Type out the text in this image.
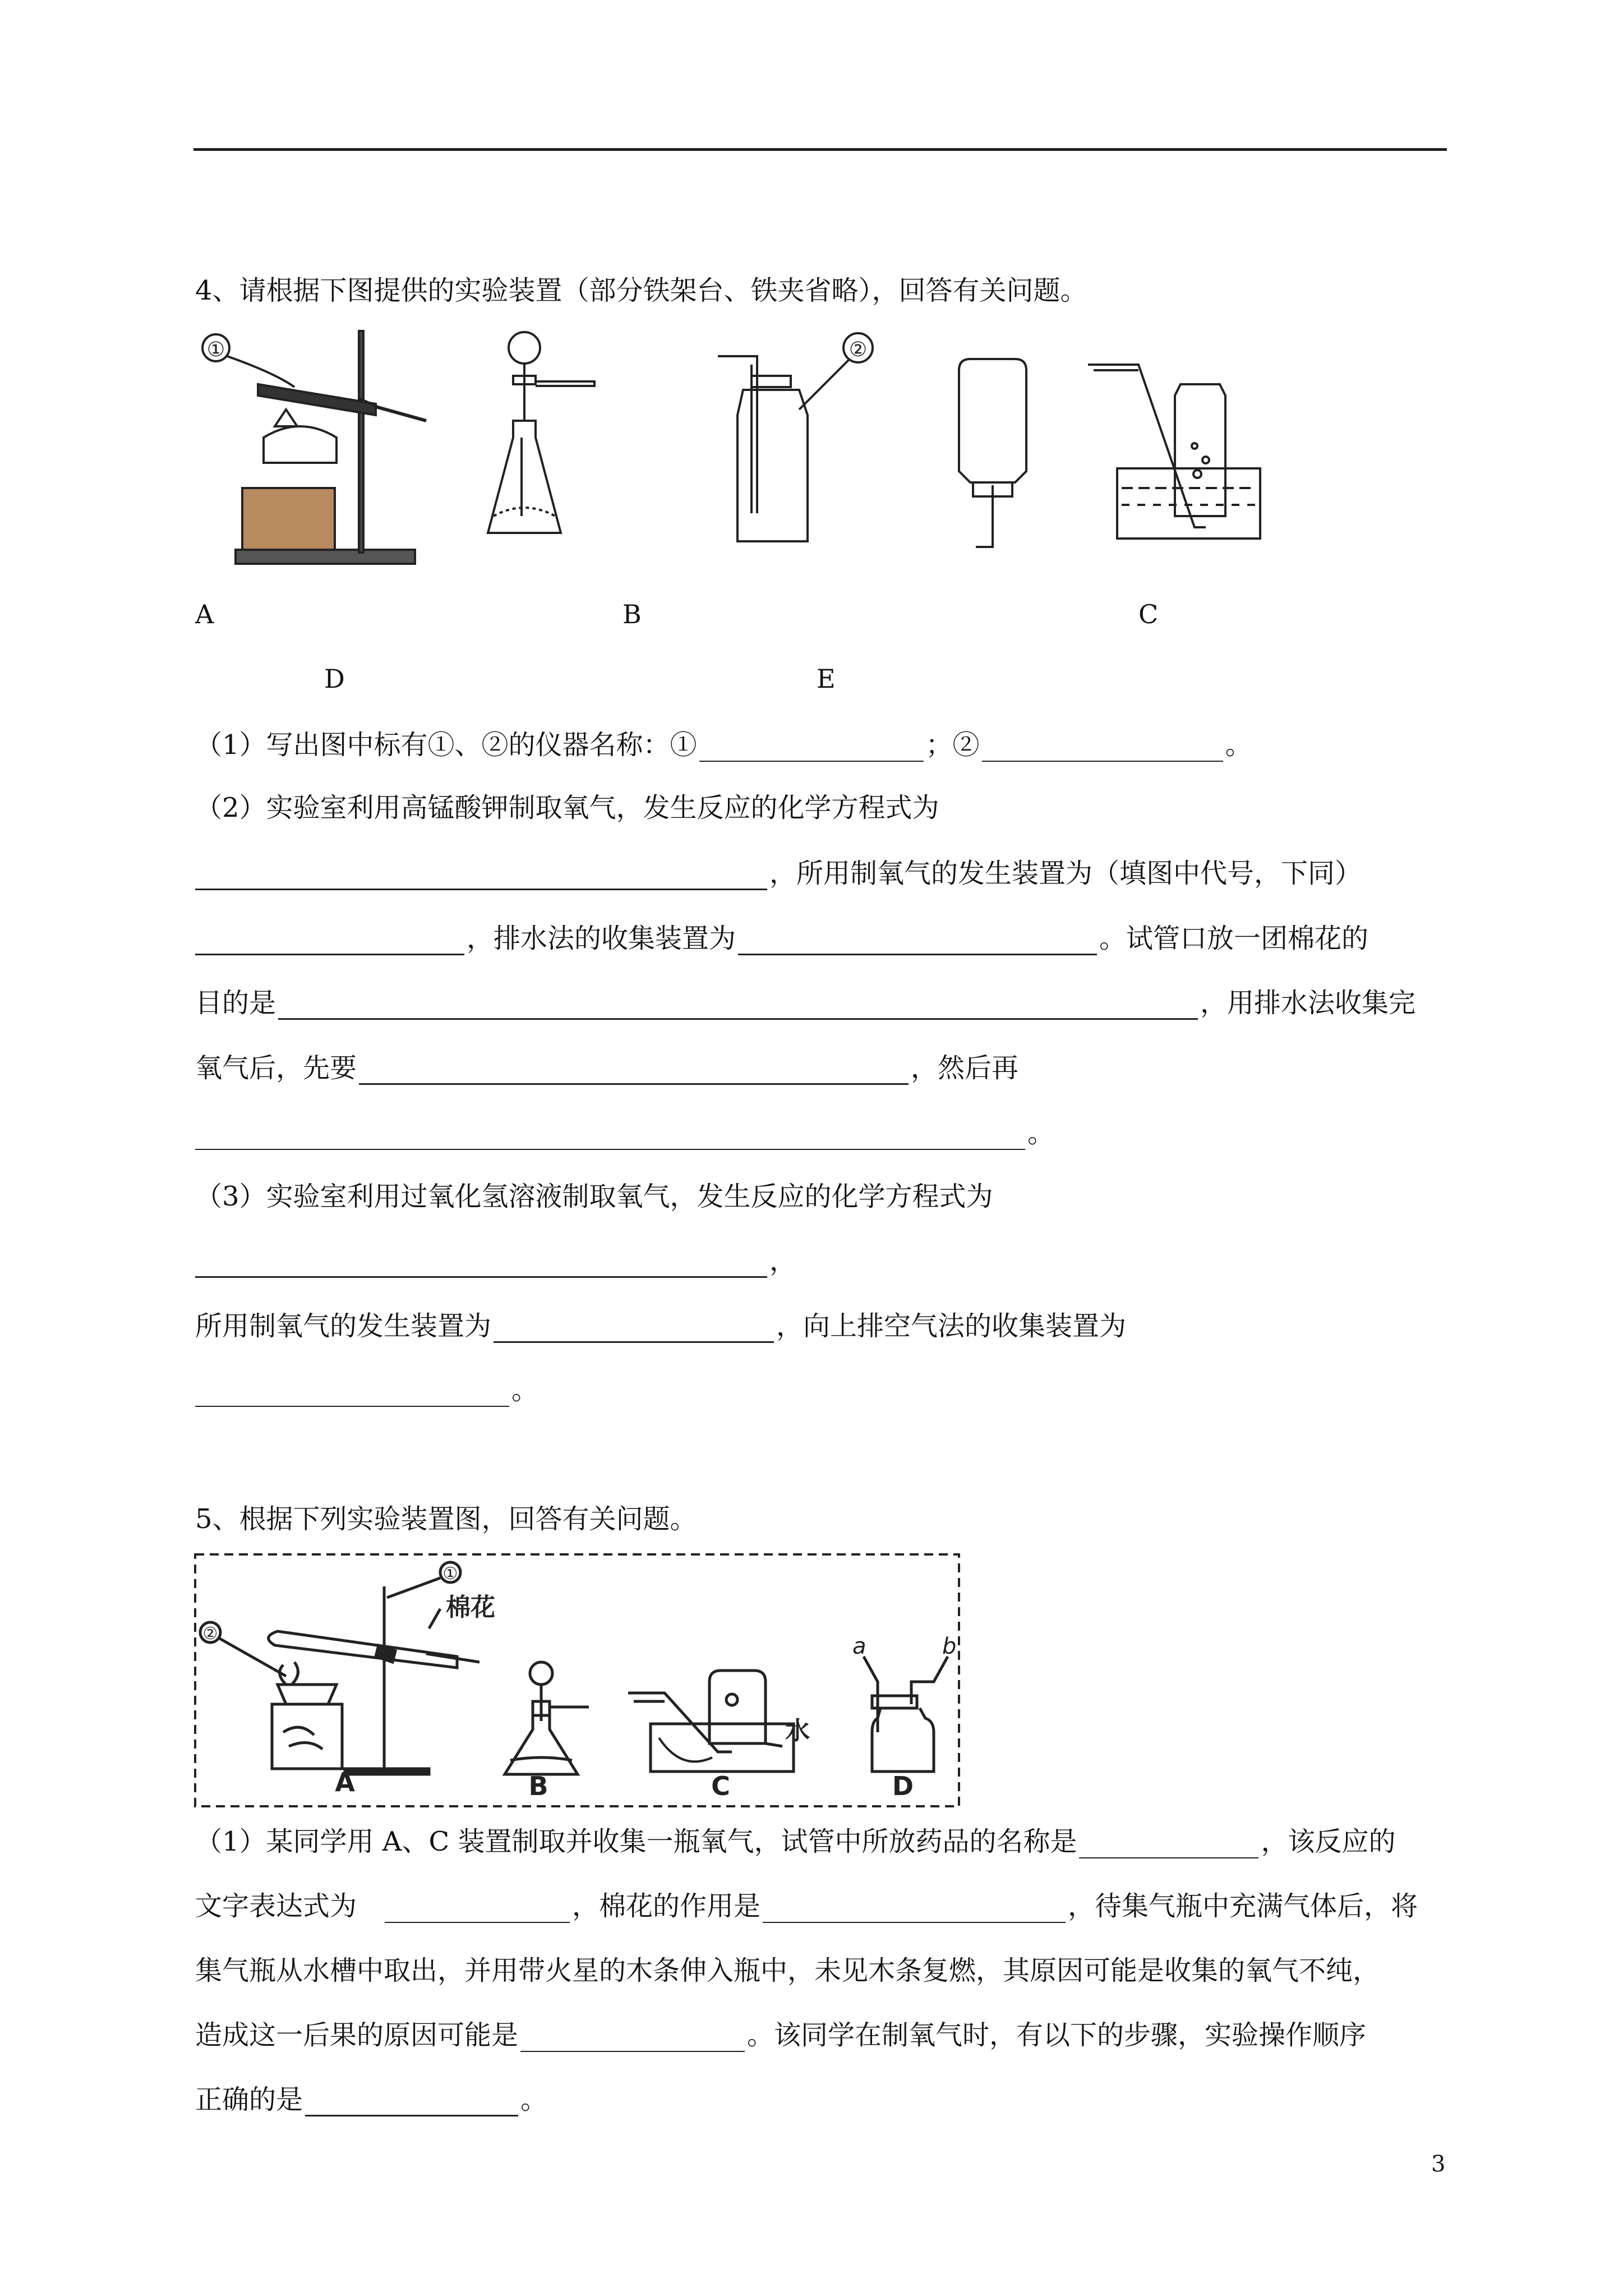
4、请根据下图提供的实验装置（部分铁架台、铁夹省略），回答有关问题。
①	②
A	B	C
D	E
（1）写出图中标有①、②的仪器名称：①	；②	。
（2）实验室利用高锰酸钾制取氧气，发生反应的化学方程式为
，所用制氧气的发生装置为（填图中代号，下同）
，排水法的收集装置为	。试管口放一团棉花的
目的是	，用排水法收集完
氧气后，先要	，然后再
。
（3）实验室利用过氧化氢溶液制取氧气，发生反应的化学方程式为
，
所用制氧气的发生装置为	，向上排空气法的收集装置为
。
5、根据下列实验装置图，回答有关问题。
①
棉花
②
A	B
水
C
a	b
D
（1）某同学用 A、C 装置制取并收集一瓶氧气，试管中所放药品的名称是	，该反应的
文字表达式为	，棉花的作用是	，待集气瓶中充满气体后，将
集气瓶从水槽中取出，并用带火星的木条伸入瓶中，未见木条复燃，其原因可能是收集的氧气不纯，
造成这一后果的原因可能是	。该同学在制氧气时，有以下的步骤，实验操作顺序
正确的是	。
3
